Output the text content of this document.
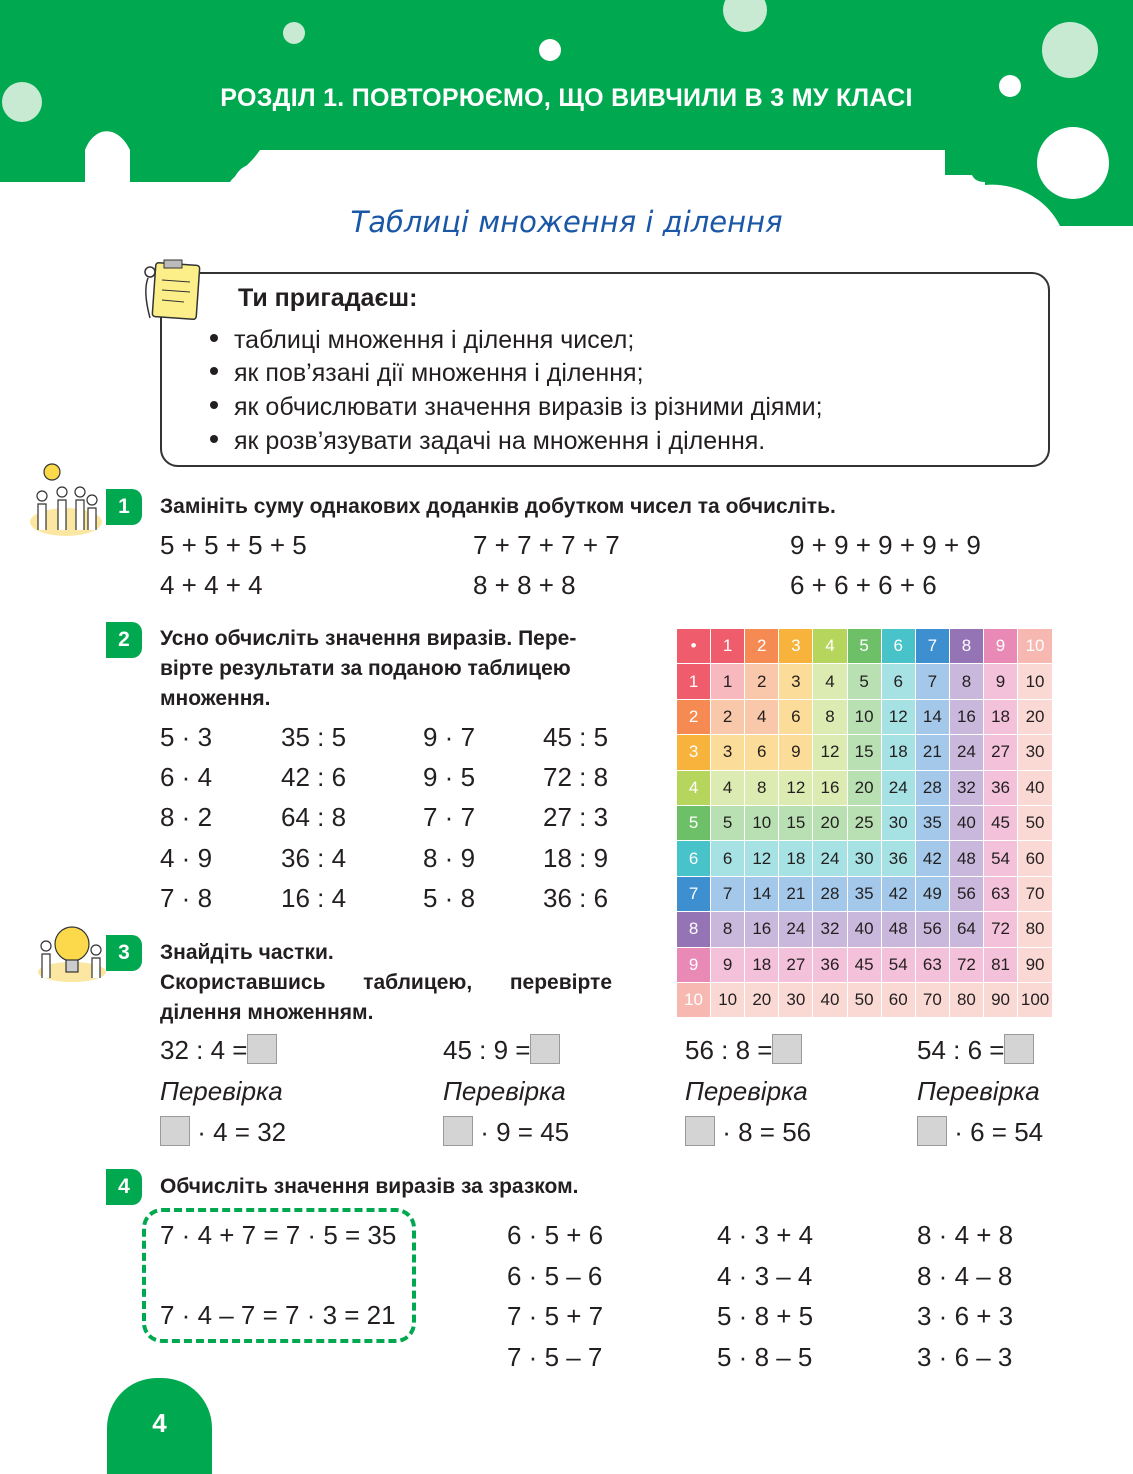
РОЗДІЛ 1. ПОВТОРЮЄМО, ЩО ВИВЧИЛИ В 3 МУ КЛАСІ
Таблиці множення і ділення
Ти пригадаєш:
таблиці множення і ділення чисел;
як пов’язані дії множення і ділення;
як обчислювати значення виразів із різними діями;
як розв’язувати задачі на множення і ділення.
1	Замініть суму однакових доданків добутком чисел та обчисліть.
5 + 5 + 5 + 5	7 + 7 + 7 + 7	9 + 9 + 9 + 9 + 9
4 + 4 + 4	8 + 8 + 8	6 + 6 + 6 + 6
2	Усно обчисліть значення виразів. Пере-
вірте результати за поданою таблицею
множення.
5 · 3	35 : 5	9 · 7	45 : 5
6 · 4	42 : 6	9 · 5	72 : 8
8 · 2	64 : 8	7 · 7	27 : 3
4 · 9	36 : 4	8 · 9	18 : 9
7 · 8	16 : 4	5 · 8	36 : 6
•	1	2	3	4	5	6	7	8	9	10
1	1	2	3	4	5	6	7	8	9	10
2	2	4	6	8	10	12	14	16	18	20
3	3	6	9	12	15	18	21	24	27	30
4	4	8	12	16	20	24	28	32	36	40
5	5	10	15	20	25	30	35	40	45	50
6	6	12	18	24	30	36	42	48	54	60
7	7	14	21	28	35	42	49	56	63	70
8	8	16	24	32	40	48	56	64	72	80
9	9	18	27	36	45	54	63	72	81	90
10	10	20	30	40	50	60	70	80	90	100
3	Знайдіть частки.

Скориставшись таблицею, перевірте
ділення множенням.
32 : 4 =
Перевірка
· 4 = 32
45 : 9 =
Перевірка
· 9 = 45
56 : 8 =
Перевірка
· 8 = 56
54 : 6 =
Перевірка
· 6 = 54
4	Обчисліть значення виразів за зразком.
7 · 4 + 7 = 7 · 5 = 35
7 · 4 – 7 = 7 · 3 = 21
6 · 5 + 6
6 · 5 – 6
7 · 5 + 7
7 · 5 – 7
4 · 3 + 4
4 · 3 – 4
5 · 8 + 5
5 · 8 – 5
8 · 4 + 8
8 · 4 – 8
3 · 6 + 3
3 · 6 – 3
4
